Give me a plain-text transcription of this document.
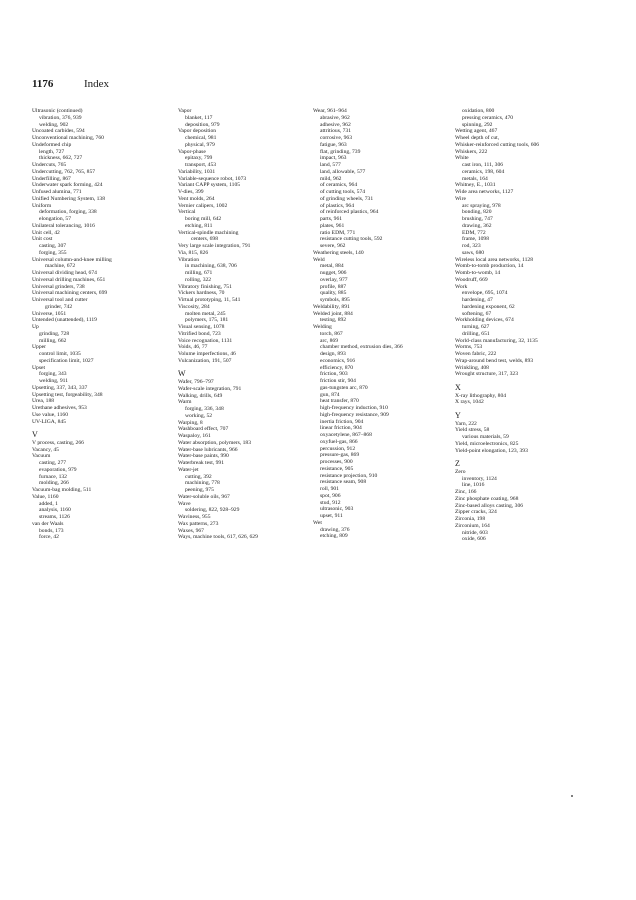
1176	Index
Ultrasonic (continued)
vibration, 376, 939
welding, 902
Uncoated carbides, 594
Unconventional machining, 760
Undeformed chip
length, 727
thickness, 662, 727
Undercuts, 765
Undercutting, 762, 765, 857
Underfilling, 867
Underwater spark forming, 424
Unfused alumina, 771
Unified Numbering System, 138
Uniform
deformation, forging, 338
elongation, 57
Unilateral tolerancing, 1016
Unit cell, 42
Unit cost
casting, 307
forging, 355
Universal column-and-knee milling
machine, 672
Universal dividing head, 674
Universal drilling machines, 651
Universal grinders, 738
Universal machining centers, 699
Universal tool and cutter
grinder, 742
Universe, 1051
Untended (unattended), 1119
Up
grinding, 728
milling, 662
Upper
control limit, 1035
specification limit, 1027
Upset
forging, 343
welding, 911
Upsetting, 337, 343, 337
Upsetting test, forgeability, 348
Urea, 188
Urethane adhesives, 953
Use value, 1160
UV-LIGA, 845
V
V process, casting, 266
Vacancy, 45
Vacuum
casting, 277
evaporation, 979
furnace, 132
molding, 266
Vacuum-bag molding, 511
Value, 1160
added, 1
analysis, 1160
streams, 1126
van der Waals
bonds, 173
force, 42
Vapor
blanket, 117
deposition, 979
Vapor deposition
chemical, 981
physical, 979
Vapor-phase
epitaxy, 799
transport, 453
Variability, 1031
Variable-sequence robot, 1073
Variant CAPP system, 1105
V-dies, 399
Vent molds, 264
Vernier calipers, 1002
Vertical
boring mill, 642
etching, 811
Vertical-spindle machining
centers, 698
Very large scale integration, 791
Via, 815, 826
Vibration
in machining, 638, 706
milling, 671
rolling, 322
Vibratory finishing, 751
Vickers hardness, 70
Virtual prototyping, 11, 541
Viscosity, 284
molten metal, 245
polymers, 175, 181
Visual sensing, 1078
Vitrified bond, 723
Voice recognation, 1131
Voids, 46, 77
Volume imperfections, 46
Vulcanization, 191, 507
W
Wafer, 796–797
Wafer-scale integration, 791
Walking, drills, 649
Warm
forging, 336, 348
working, 52
Warping, 8
Washboard effect, 707
Waspaloy, 161
Water absorption, polymers, 183
Water-base lubricants, 966
Water-base paints, 990
Waterbreak test, 991
Water-jet
cutting, 392
machining, 778
peening, 975
Water-soluble oils, 967
Wave
soldering, 822, 928–929
Waviness, 955
Wax patterns, 273
Waxes, 967
Ways, machine tools, 617, 626, 629
Wear, 961–964
abrasive, 962
adhesive, 962
attritious, 731
corrosive, 963
fatigue, 963
flat, grinding, 739
impact, 963
land, 577
land, allowable, 577
mild, 962
of ceramics, 964
of cutting tools, 574
of grinding wheels, 731
of plastics, 964
of reinforced plastics, 964
parts, 961
plates, 961
ratio EDM, 771
resistance cutting tools, 592
severe, 962
Weathering steels, 140
Weld
metal, 884
nugget, 906
overlay, 977
profile, 887
quality, 885
symbols, 895
Weldability, 891
Welded joint, 884
testing, 892
Welding
torch, 867
arc, 869
chamber method, extrusion dies, 366
design, 893
economics, 916
efficiency, 870
friction, 903
friction stir, 904
gas-tungsten arc, 870
gun, 874
heat transfer, 870
high-frequency induction, 910
high-frequency resistance, 909
inertia friction, 904
linear friction, 904
oxyacetylene, 867–868
oxyfuel-gas, 866
percussion, 912
pressure-gas, 869
processes, 900
resistance, 905
resistance projection, 910
resistance seam, 908
roll, 901
spot, 906
stud, 912
ultrasonic, 903
upset, 911
Wet
drawing, 376
etching, 809
oxidation, 800
pressing ceramics, 470
spinning, 292
Wetting agent, 467
Wheel depth of cut,
Whisker-reinforced cutting tools, 606
Whiskers, 222
White
cast iron, 111, 306
ceramics, 198, 604
metals, 164
Whitney, E., 1031
Wide area networks, 1127
Wire
arc spraying, 978
bonding, 820
brushing, 747
drawing, 362
EDM, 772
frame, 1098
rod, 323
saws, 680
Wireless local area networks, 1128
Womb-to-tomb production, 14
Womb-to-womb, 14
Woodruff, 669
Work
envelope, 695, 1074
hardening, 47
hardening exponent, 62
softening, 67
Workholding devices, 674
turning, 627
drilling, 651
World-class manufacturing, 32, 1135
Worms, 753
Woven fabric, 222
Wrap-around bend test, welds, 893
Wrinkling, 408
Wrought structure, 317, 323
X
X-ray lithography, 804
X rays, 1042
Y
Yarn, 222
Yield stress, 58
various materials, 59
Yield, microelectronics, 825
Yield-point elongation, 123, 393
Z
Zero
inventory, 1124
line, 1016
Zinc, 166
Zinc phosphate coating, 968
Zinc-based alloys casting, 306
Zipper cracks, 324
Zirconia, 198
Zirconium, 164
nitride, 603
oxide, 606
